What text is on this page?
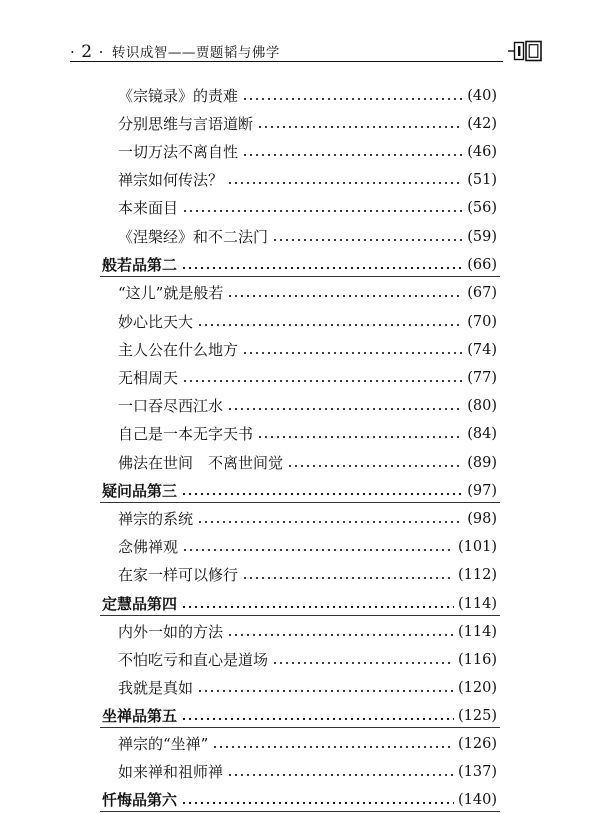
· 2 · 转识成智——贾题韬与佛学
《宗镜录》的责难	(40)
分别思维与言语道断	(42)
一切万法不离自性	(46)
禅宗如何传法？	(51)
本来面目	(56)
《涅槃经》和不二法门	(59)
般若品第二	(66)
“这儿”就是般若	(67)
妙心比天大	(70)
主人公在什么地方	(74)
无相周天	(77)
一口吞尽西江水	(80)
自己是一本无字天书	(84)
佛法在世间　不离世间觉	(89)
疑问品第三	(97)
禅宗的系统	(98)
念佛禅观	(101)
在家一样可以修行	(112)
定慧品第四	(114)
内外一如的方法	(114)
不怕吃亏和直心是道场	(116)
我就是真如	(120)
坐禅品第五	(125)
禅宗的“坐禅”	(126)
如来禅和祖师禅	(137)
忏悔品第六	(140)
